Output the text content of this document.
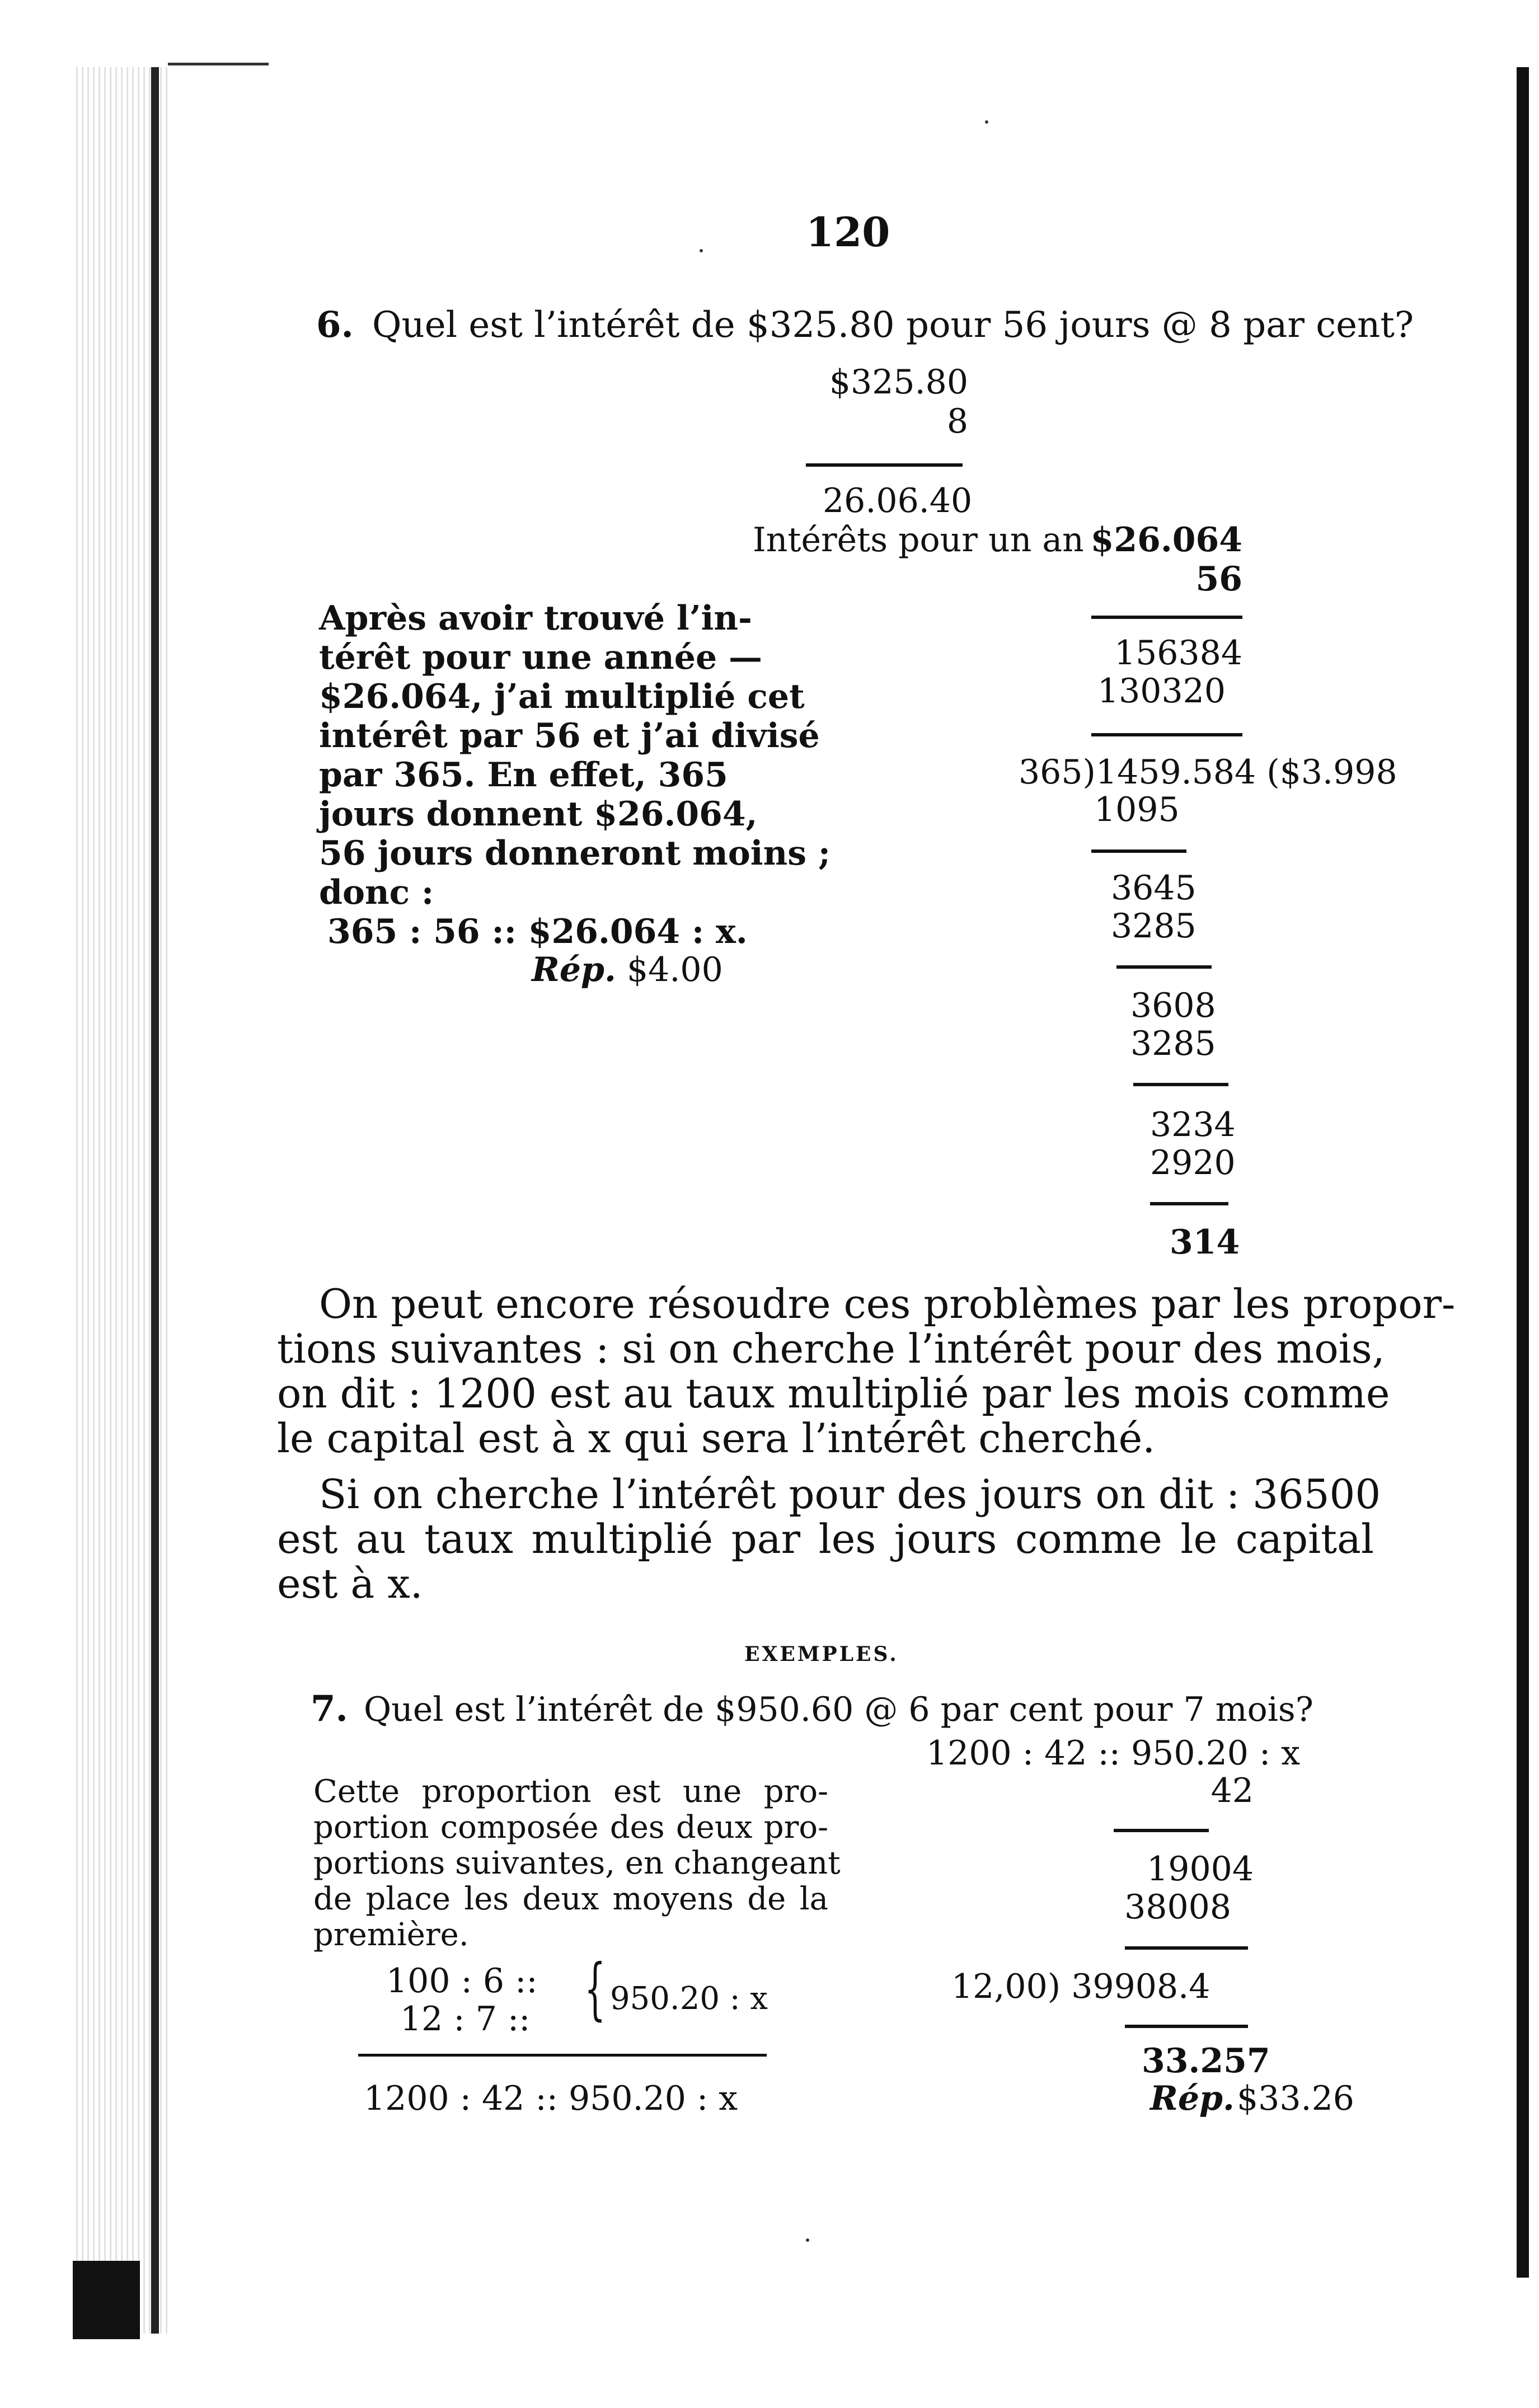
120
6. Quel est l’intérêt de $325.80 pour 56 jours @ 8 par cent?
$325.80
8
26.06.40
Intérêts pour un an $26.064
56
156384
130320
365)1459.584 ($3.998
1095
3645
3285
3608
3285
3234
2920
314
Après avoir trouvé l’in-
térêt pour une année —
$26.064, j’ai multiplié cet
intérêt par 56 et j’ai divisé
par 365. En effet, 365
jours donnent $26.064,
56 jours donneront moins ;
donc :
365 : 56 :: $26.064 : x.
Rép. $4.00
On peut encore résoudre ces problèmes par les propor-
tions suivantes : si on cherche l’intérêt pour des mois,
on dit : 1200 est au taux multiplié par les mois comme
le capital est à x qui sera l’intérêt cherché.
Si on cherche l’intérêt pour des jours on dit : 36500
est au taux multiplié par les jours comme le capital
est à x.
EXEMPLES.
7. Quel est l’intérêt de $950.60 @ 6 par cent pour 7 mois?
1200 : 42 :: 950.20 : x
42
19004
38008
12,00) 39908.4
33.257
Rép. $33.26
Cette proportion est une pro-
portion composée des deux pro-
portions suivantes, en changeant
de place les deux moyens de la
première.
100 : 6 ::
12 : 7 :: { 950.20 : x
1200 : 42 :: 950.20 : x
